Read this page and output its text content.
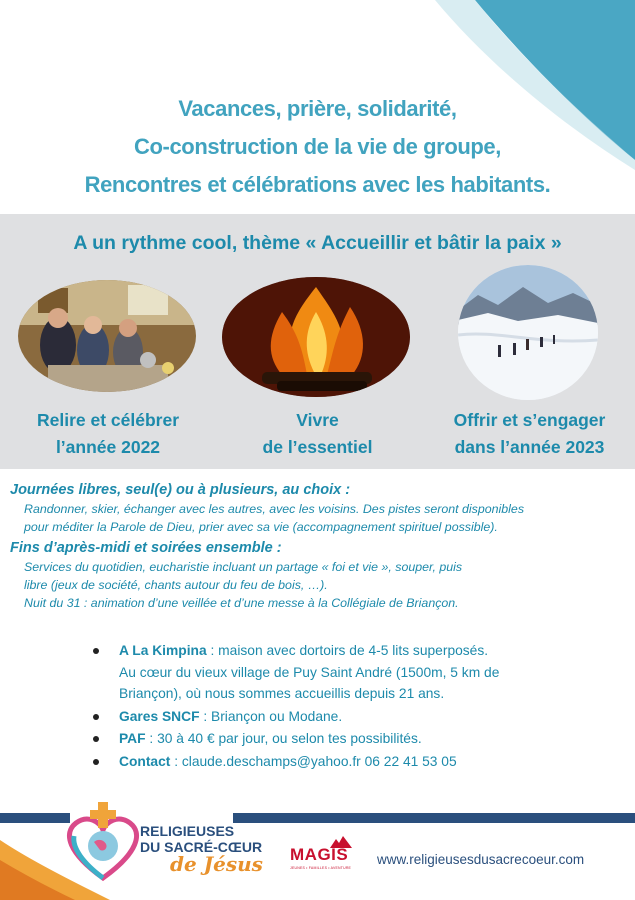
Vacances, prière, solidarité,
Co-construction de la vie de groupe,
Rencontres et célébrations avec les habitants.
A un rythme cool, thème « Accueillir et bâtir la paix »
Relire et célébrer
l’année 2022
Vivre
de l’essentiel
Offrir et s’engager
dans l’année 2023
Journées libres, seul(e) ou à plusieurs, au choix :
Randonner, skier, échanger avec les autres, avec les voisins. Des pistes seront disponibles
pour méditer la Parole de Dieu, prier avec sa vie (accompagnement spirituel possible).
Fins d’après-midi et soirées ensemble :
Services du quotidien, eucharistie incluant un partage « foi et vie », souper, puis
libre (jeux de société, chants autour du feu de bois, …).
Nuit du 31 : animation d’une veillée et d’une messe à la Collégiale de Briançon.
A La Kimpina : maison avec dortoirs de 4-5 lits superposés.
Au cœur du vieux village de Puy Saint André (1500m, 5 km de
Briançon), où nous sommes accueillis depuis 21 ans.
Gares SNCF : Briançon ou Modane.
PAF : 30 à 40 € par jour, ou selon tes possibilités.
Contact : claude.deschamps@yahoo.fr 06 22 41 53 05
RELIGIEUSES
DU SACRÉ-CŒUR
de Jésus MAGIS
JEUNES • FAMILLES • AVENTURE
www.religieusesdusacrecoeur.com
